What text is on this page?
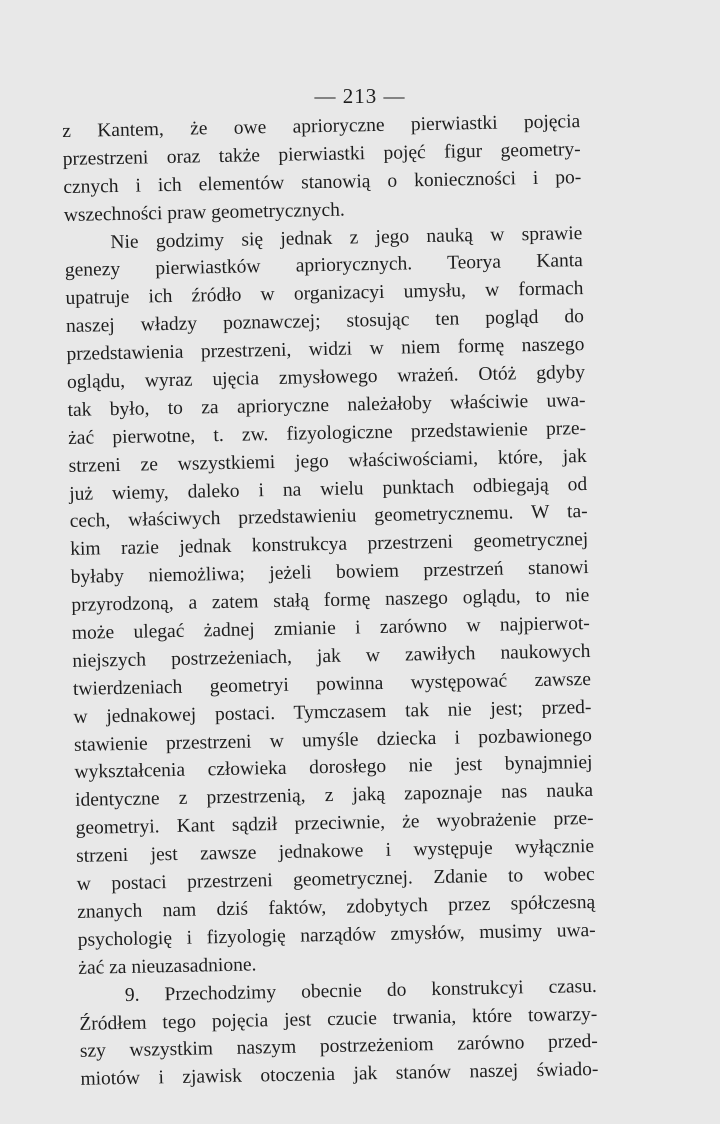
— 213 —
z Kantem, że owe aprioryczne pierwiastki pojęcia
przestrzeni oraz także pierwiastki pojęć figur geometry-
cznych i ich elementów stanowią o konieczności i po-
wszechności praw geometrycznych.
Nie godzimy się jednak z jego nauką w sprawie
genezy pierwiastków apriorycznych. Teorya Kanta
upatruje ich źródło w organizacyi umysłu, w formach
naszej władzy poznawczej; stosując ten pogląd do
przedstawienia przestrzeni, widzi w niem formę naszego
oglądu, wyraz ujęcia zmysłowego wrażeń. Otóż gdyby
tak było, to za aprioryczne należałoby właściwie uwa-
żać pierwotne, t. zw. fizyologiczne przedstawienie prze-
strzeni ze wszystkiemi jego właściwościami, które, jak
już wiemy, daleko i na wielu punktach odbiegają od
cech, właściwych przedstawieniu geometrycznemu. W ta-
kim razie jednak konstrukcya przestrzeni geometrycznej
byłaby niemożliwa; jeżeli bowiem przestrzeń stanowi
przyrodzoną, a zatem stałą formę naszego oglądu, to nie
może ulegać żadnej zmianie i zarówno w najpierwot-
niejszych postrzeżeniach, jak w zawiłych naukowych
twierdzeniach geometryi powinna występować zawsze
w jednakowej postaci. Tymczasem tak nie jest; przed-
stawienie przestrzeni w umyśle dziecka i pozbawionego
wykształcenia człowieka dorosłego nie jest bynajmniej
identyczne z przestrzenią, z jaką zapoznaje nas nauka
geometryi. Kant sądził przeciwnie, że wyobrażenie prze-
strzeni jest zawsze jednakowe i występuje wyłącznie
w postaci przestrzeni geometrycznej. Zdanie to wobec
znanych nam dziś faktów, zdobytych przez spółczesną
psychologię i fizyologię narządów zmysłów, musimy uwa-
żać za nieuzasadnione.
9. Przechodzimy obecnie do konstrukcyi czasu.
Źródłem tego pojęcia jest czucie trwania, które towarzy-
szy wszystkim naszym postrzeżeniom zarówno przed-
miotów i zjawisk otoczenia jak stanów naszej świado-
